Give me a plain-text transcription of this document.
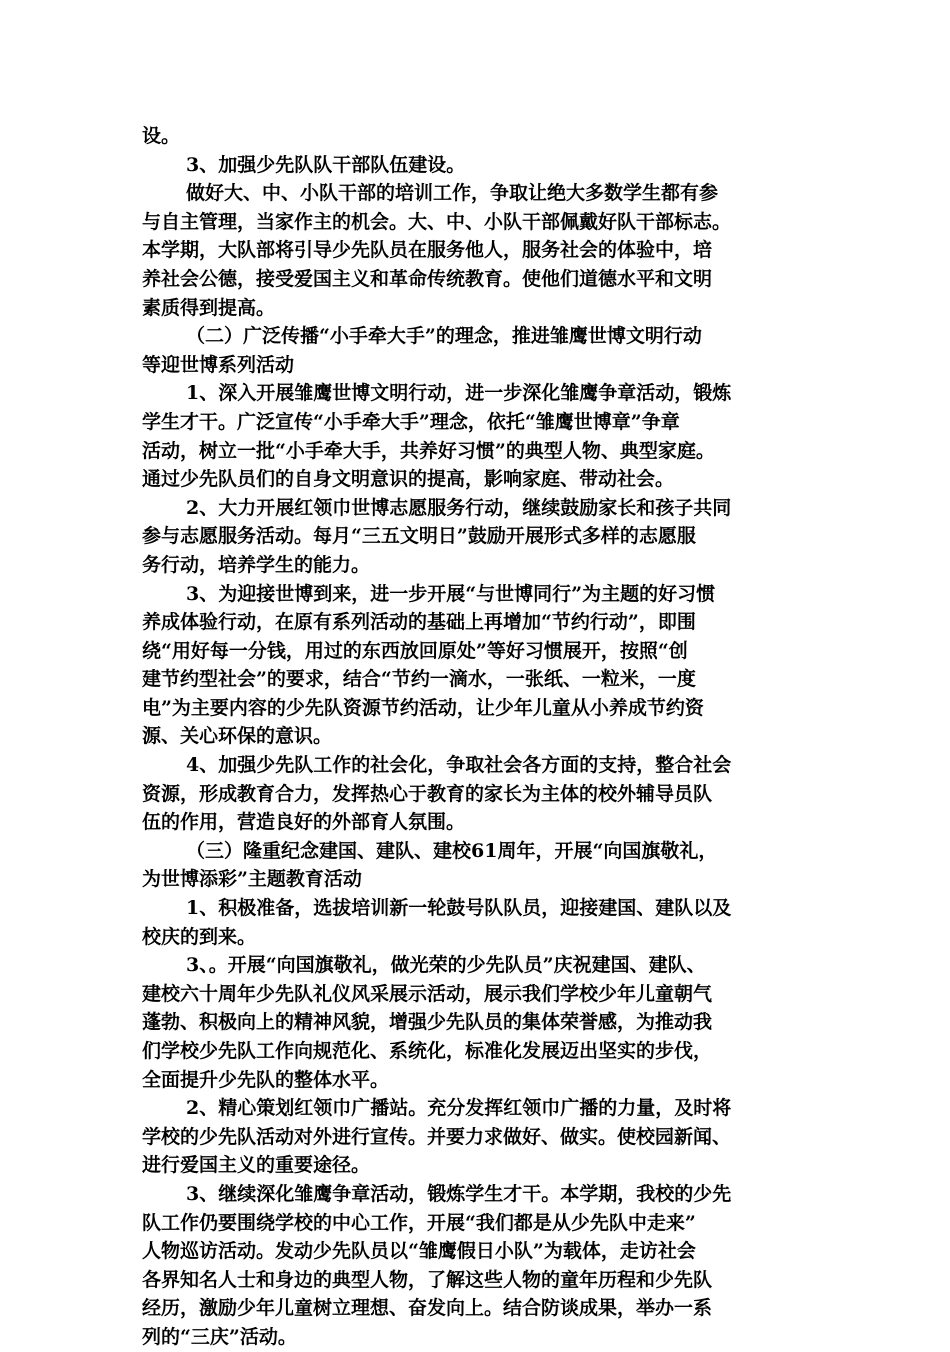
设。
3、加强少先队队干部队伍建设。
做好大、中、小队干部的培训工作，争取让绝大多数学生都有参
与自主管理，当家作主的机会。大、中、小队干部佩戴好队干部标志。
本学期，大队部将引导少先队员在服务他人，服务社会的体验中，培
养社会公德，接受爱国主义和革命传统教育。使他们道德水平和文明
素质得到提高。
（二）广泛传播“小手牵大手”的理念，推进雏鹰世博文明行动
等迎世博系列活动
1、深入开展雏鹰世博文明行动，进一步深化雏鹰争章活动，锻炼
学生才干。广泛宣传“小手牵大手”理念，依托“雏鹰世博章”争章
活动，树立一批“小手牵大手，共养好习惯”的典型人物、典型家庭。
通过少先队员们的自身文明意识的提高，影响家庭、带动社会。
2、大力开展红领巾世博志愿服务行动，继续鼓励家长和孩子共同
参与志愿服务活动。每月“三五文明日”鼓励开展形式多样的志愿服
务行动，培养学生的能力。
3、为迎接世博到来，进一步开展“与世博同行”为主题的好习惯
养成体验行动，在原有系列活动的基础上再增加“节约行动”，即围
绕“用好每一分钱，用过的东西放回原处”等好习惯展开，按照“创
建节约型社会”的要求，结合“节约一滴水，一张纸、一粒米，一度
电”为主要内容的少先队资源节约活动，让少年儿童从小养成节约资
源、关心环保的意识。
4、加强少先队工作的社会化，争取社会各方面的支持，整合社会
资源，形成教育合力，发挥热心于教育的家长为主体的校外辅导员队
伍的作用，营造良好的外部育人氛围。
（三）隆重纪念建国、建队、建校61周年，开展“向国旗敬礼，
为世博添彩”主题教育活动
1、积极准备，选拔培训新一轮鼓号队队员，迎接建国、建队以及
校庆的到来。
3、。开展“向国旗敬礼，做光荣的少先队员”庆祝建国、建队、
建校六十周年少先队礼仪风采展示活动，展示我们学校少年儿童朝气
蓬勃、积极向上的精神风貌，增强少先队员的集体荣誉感，为推动我
们学校少先队工作向规范化、系统化，标准化发展迈出坚实的步伐，
全面提升少先队的整体水平。
2、精心策划红领巾广播站。充分发挥红领巾广播的力量，及时将
学校的少先队活动对外进行宣传。并要力求做好、做实。使校园新闻、
进行爱国主义的重要途径。
3、继续深化雏鹰争章活动，锻炼学生才干。本学期，我校的少先
队工作仍要围绕学校的中心工作，开展“我们都是从少先队中走来”
人物巡访活动。发动少先队员以“雏鹰假日小队”为载体，走访社会
各界知名人士和身边的典型人物，了解这些人物的童年历程和少先队
经历，激励少年儿童树立理想、奋发向上。结合防谈成果，举办一系
列的“三庆”活动。
